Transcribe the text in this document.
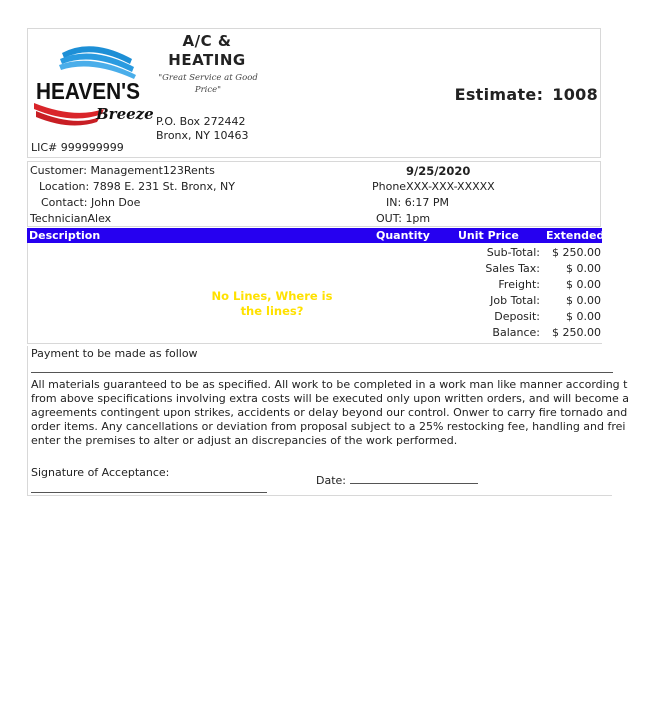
HEAVEN'S
Breeze
A/C &
HEATING
"Great Service at Good
Price"
P.O. Box 272442
Bronx, NY 10463
LIC# 999999999
Estimate: 1008
Customer: Management123Rents
Location: 7898 E. 231 St. Bronx, NY
Contact: John Doe
TechnicianAlex
9/25/2020
PhoneXXX-XXX-XXXXX
IN: 6:17 PM
OUT: 1pm
Description	Quantity	Unit Price Extended
No Lines, Where is the lines?
Sub-Total: $ 250.00
Sales Tax: $ 0.00
Freight: $ 0.00
Job Total: $ 0.00
Deposit: $ 0.00
Balance: $ 250.00
Payment to be made as follow
All materials guaranteed to be as specified. All work to be completed in a work man like manner according t
from above specifications involving extra costs will be executed only upon written orders, and will become a
agreements contingent upon strikes, accidents or delay beyond our control. Onwer to carry fire tornado and
order items. Any cancellations or deviation from proposal subject to a 25% restocking fee, handling and frei
enter the premises to alter or adjust an discrepancies of the work performed.
Signature of Acceptance:
Date:
